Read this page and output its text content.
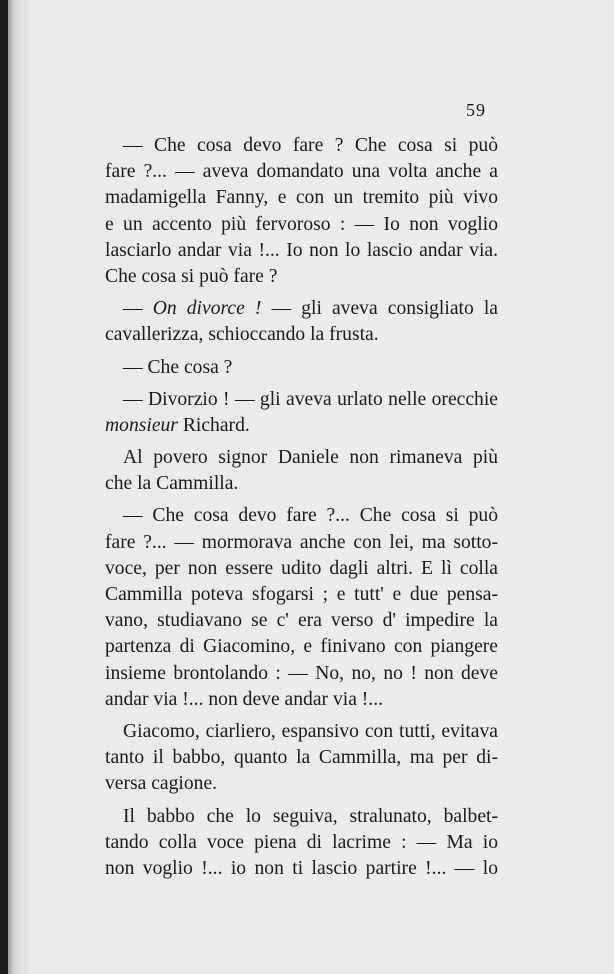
59
— Che cosa devo fare ? Che cosa si può
fare ?... — aveva domandato una volta anche a
madamigella Fanny, e con un tremito più vivo
e un accento più fervoroso : — Io non voglio
lasciarlo andar via !... Io non lo lascio andar via.
Che cosa si può fare ?
— On divorce ! — gli aveva consigliato la
cavallerizza, schioccando la frusta.
— Che cosa ?
— Divorzio ! — gli aveva urlato nelle orecchie
monsieur Richard.
Al povero signor Daniele non rimaneva più
che la Cammilla.
— Che cosa devo fare ?... Che cosa si può
fare ?... — mormorava anche con lei, ma sotto-
voce, per non essere udito dagli altri. E lì colla
Cammilla poteva sfogarsi ; e tutt' e due pensa-
vano, studiavano se c' era verso d' impedire la
partenza di Giacomino, e finivano con piangere
insieme brontolando : — No, no, no ! non deve
andar via !... non deve andar via !...
Giacomo, ciarliero, espansivo con tutti, evitava
tanto il babbo, quanto la Cammilla, ma per di-
versa cagione.
Il babbo che lo seguiva, stralunato, balbet-
tando colla voce piena di lacrime : — Ma io
non voglio !... io non ti lascio partire !... — lo
